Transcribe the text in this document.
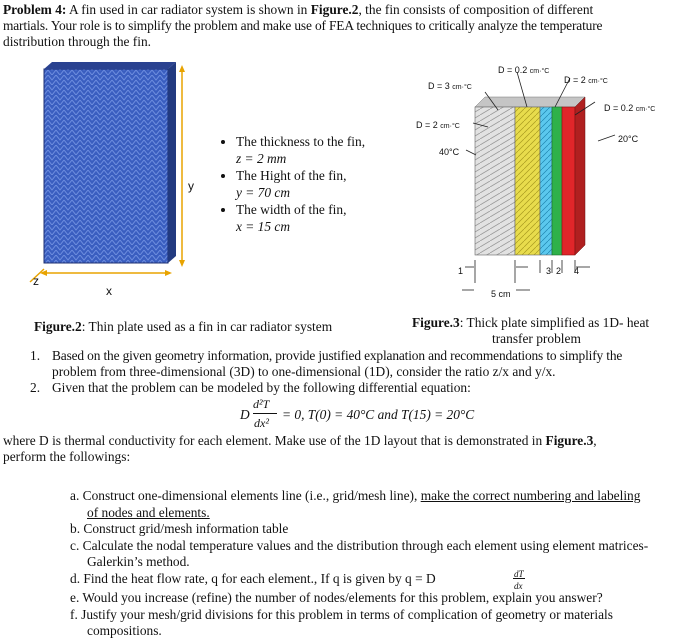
Problem 4: A fin used in car radiator system is shown in Figure.2, the fin consists of composition of different
martials. Your role is to simplify the problem and make use of FEA techniques to critically analyze the temperature
distribution through the fin.
y
x
z
• The thickness to the fin,
z = 2 mm
• The Hight of the fin,
y = 70 cm
• The width of the fin,
x = 15 cm
D = 0.2 cm·°C
D = 2 cm·°C
D = 3 cm·°C
D = 0.2 cm·°C
D = 2 cm·°C
40°C
20°C
1	3 2 4
5 cm
Figure.2: Thin plate used as a fin in car radiator system	Figure.3: Thick plate simplified as 1D- heat
transfer problem
1. Based on the given geometry information, provide justified explanation and recommendations to simplify the
problem from three-dimensional (3D) to one-dimensional (1D), consider the ratio z/x and y/x.
2. Given that the problem can be modeled by the following differential equation:
D
d²T
dx²
= 0, T(0) = 40°C and T(15) = 20°C
where D is thermal conductivity for each element. Make use of the 1D layout that is demonstrated in Figure.3,
perform the followings:
a. Construct one-dimensional elements line (i.e., grid/mesh line), make the correct numbering and labeling
of nodes and elements.
b. Construct grid/mesh information table
c. Calculate the nodal temperature values and the distribution through each element using element matrices-
Galerkin’s method.
d. Find the heat flow rate, q for each element., If q is given by q = D	dT
dx
e. Would you increase (refine) the number of nodes/elements for this problem, explain you answer?
f. Justify your mesh/grid divisions for this problem in terms of complication of geometry or materials
compositions.
